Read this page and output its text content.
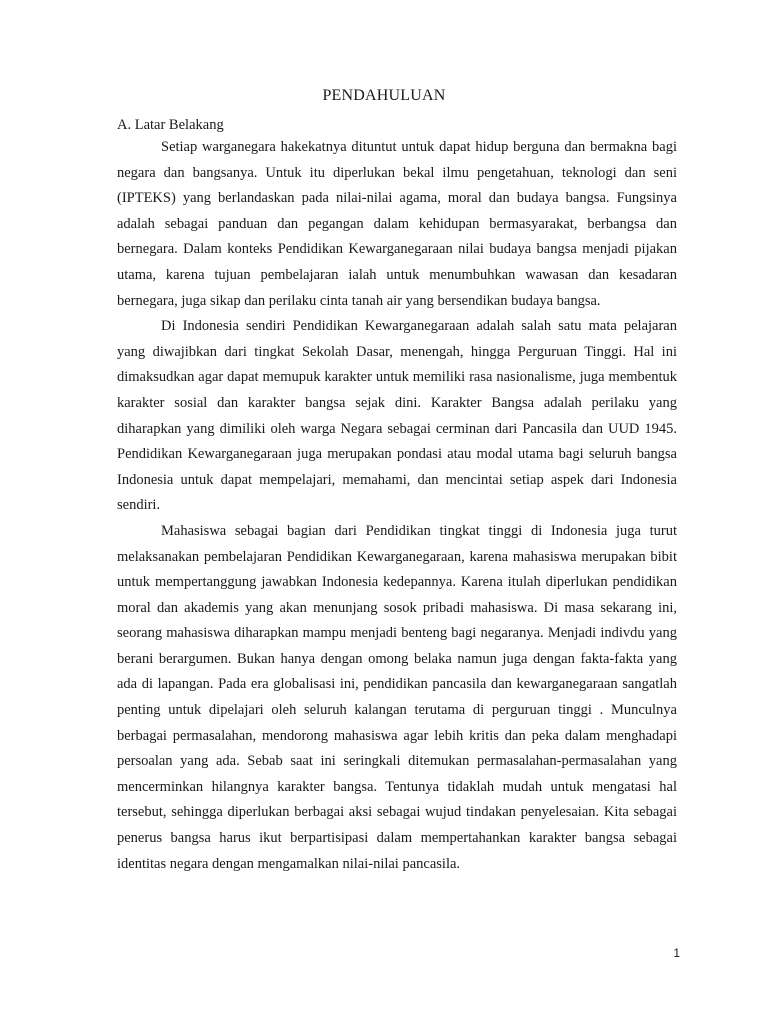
PENDAHULUAN
A. Latar Belakang

Setiap warganegara hakekatnya dituntut untuk dapat hidup berguna dan bermakna bagi negara dan bangsanya. Untuk itu diperlukan bekal ilmu pengetahuan, teknologi dan seni (IPTEKS) yang berlandaskan pada nilai-nilai agama, moral dan budaya bangsa. Fungsinya adalah sebagai panduan dan pegangan dalam kehidupan bermasyarakat, berbangsa dan bernegara. Dalam konteks Pendidikan Kewarganegaraan nilai budaya bangsa menjadi pijakan utama, karena tujuan pembelajaran ialah untuk menumbuhkan wawasan dan kesadaran bernegara, juga sikap dan perilaku cinta tanah air yang bersendikan budaya bangsa.

Di Indonesia sendiri Pendidikan Kewarganegaraan adalah salah satu mata pelajaran yang diwajibkan dari tingkat Sekolah Dasar, menengah, hingga Perguruan Tinggi. Hal ini dimaksudkan agar dapat memupuk karakter untuk memiliki rasa nasionalisme, juga membentuk karakter sosial dan karakter bangsa sejak dini. Karakter Bangsa adalah perilaku yang diharapkan yang dimiliki oleh warga Negara sebagai cerminan dari Pancasila dan UUD 1945. Pendidikan Kewarganegaraan juga merupakan pondasi atau modal utama bagi seluruh bangsa Indonesia untuk dapat mempelajari, memahami, dan mencintai setiap aspek dari Indonesia sendiri.

Mahasiswa sebagai bagian dari Pendidikan tingkat tinggi di Indonesia juga turut melaksanakan pembelajaran Pendidikan Kewarganegaraan, karena mahasiswa merupakan bibit untuk mempertanggung jawabkan Indonesia kedepannya. Karena itulah diperlukan pendidikan moral dan akademis yang akan menunjang sosok pribadi mahasiswa. Di masa sekarang ini, seorang mahasiswa diharapkan mampu menjadi benteng bagi negaranya. Menjadi indivdu yang berani berargumen. Bukan hanya dengan omong belaka namun juga dengan fakta-fakta yang ada di lapangan. Pada era globalisasi ini, pendidikan pancasila dan kewarganegaraan sangatlah penting untuk dipelajari oleh seluruh kalangan terutama di perguruan tinggi . Munculnya berbagai permasalahan, mendorong mahasiswa agar lebih kritis dan peka dalam menghadapi persoalan yang ada. Sebab saat ini seringkali ditemukan permasalahan-permasalahan yang mencerminkan hilangnya karakter bangsa. Tentunya tidaklah mudah untuk mengatasi hal tersebut, sehingga diperlukan berbagai aksi sebagai wujud tindakan penyelesaian. Kita sebagai penerus bangsa harus ikut berpartisipasi dalam mempertahankan karakter bangsa sebagai identitas negara dengan mengamalkan nilai-nilai pancasila.

1
